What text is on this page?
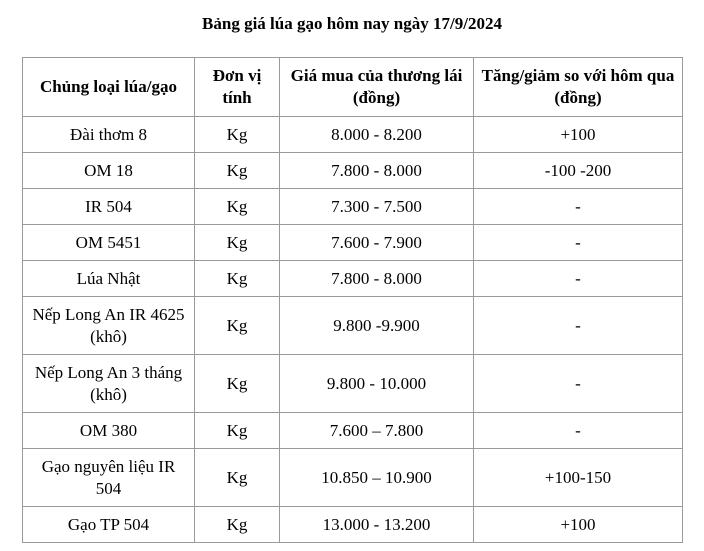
Bảng giá lúa gạo hôm nay ngày 17/9/2024
Chủng loại lúa/gạo	Đơn vị tính	Giá mua của thương lái (đồng)	Tăng/giảm so với hôm qua (đồng)
Đài thơm 8	Kg	8.000 - 8.200	+100
OM 18	Kg	7.800 - 8.000	-100 -200
IR 504	Kg	7.300 - 7.500	-
OM 5451	Kg	7.600 - 7.900	-
Lúa Nhật	Kg	7.800 - 8.000	-
Nếp Long An IR 4625 (khô)	Kg	9.800 -9.900	-
Nếp Long An 3 tháng (khô)	Kg	9.800 - 10.000	-
OM 380	Kg	7.600 – 7.800	-
Gạo nguyên liệu IR 504	Kg	10.850 – 10.900	+100-150
Gạo TP 504	Kg	13.000 - 13.200	+100
